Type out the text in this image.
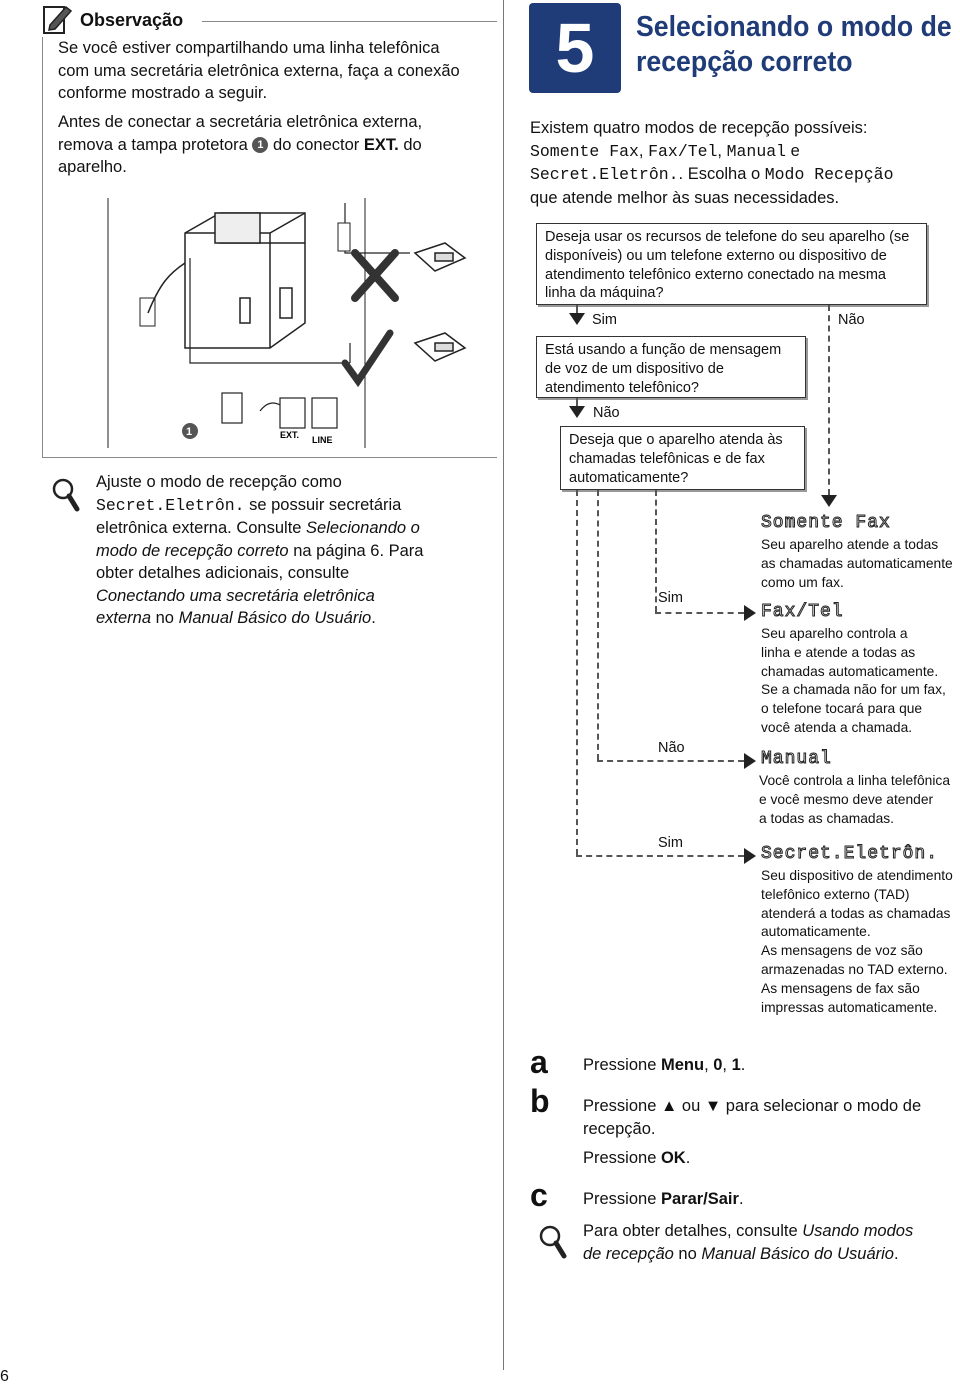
Observação
Se você estiver compartilhando uma linha telefônica com uma secretária eletrônica externa, faça a conexão conforme mostrado a seguir.
Antes de conectar a secretária eletrônica externa, remova a tampa protetora 1 do conector EXT. do aparelho.
EXT. LINE
1
Ajuste o modo de recepção como
Secret.Eletrôn. se possuir secretária
eletrônica externa. Consulte Selecionando o
modo de recepção correto na página 6. Para
obter detalhes adicionais, consulte
Conectando uma secretária eletrônica
externa no Manual Básico do Usuário.
5	Selecionando o modo de
recepção correto
Existem quatro modos de recepção possíveis:
Somente Fax, Fax/Tel, Manual e
Secret.Eletrôn.. Escolha o Modo Recepção
que atende melhor às suas necessidades.
Deseja usar os recursos de telefone do seu aparelho (se disponíveis) ou um telefone externo ou dispositivo de atendimento telefônico externo conectado na mesma linha da máquina?
Sim	Não
Está usando a função de mensagem de voz de um dispositivo de atendimento telefônico?
Não
Deseja que o aparelho atenda às chamadas telefônicas e de fax automaticamente?
Sim
Sim
Não
Somente Fax
Seu aparelho atende a todas
as chamadas automaticamente
como um fax.
Fax/Tel
Seu aparelho controla a
linha e atende a todas as
chamadas automaticamente.
Se a chamada não for um fax,
o telefone tocará para que
você atenda a chamada.
Manual
Você controla a linha telefônica
e você mesmo deve atender
a todas as chamadas.
Secret.Eletrôn.
Seu dispositivo de atendimento
telefônico externo (TAD)
atenderá a todas as chamadas
automaticamente.
As mensagens de voz são
armazenadas no TAD externo.
As mensagens de fax são
impressas automaticamente.
a Pressione Menu, 0, 1.
b Pressione ▲ ou ▼ para selecionar o modo de
recepção.
Pressione OK.
c Pressione Parar/Sair.
Para obter detalhes, consulte Usando modos
de recepção no Manual Básico do Usuário.
6
